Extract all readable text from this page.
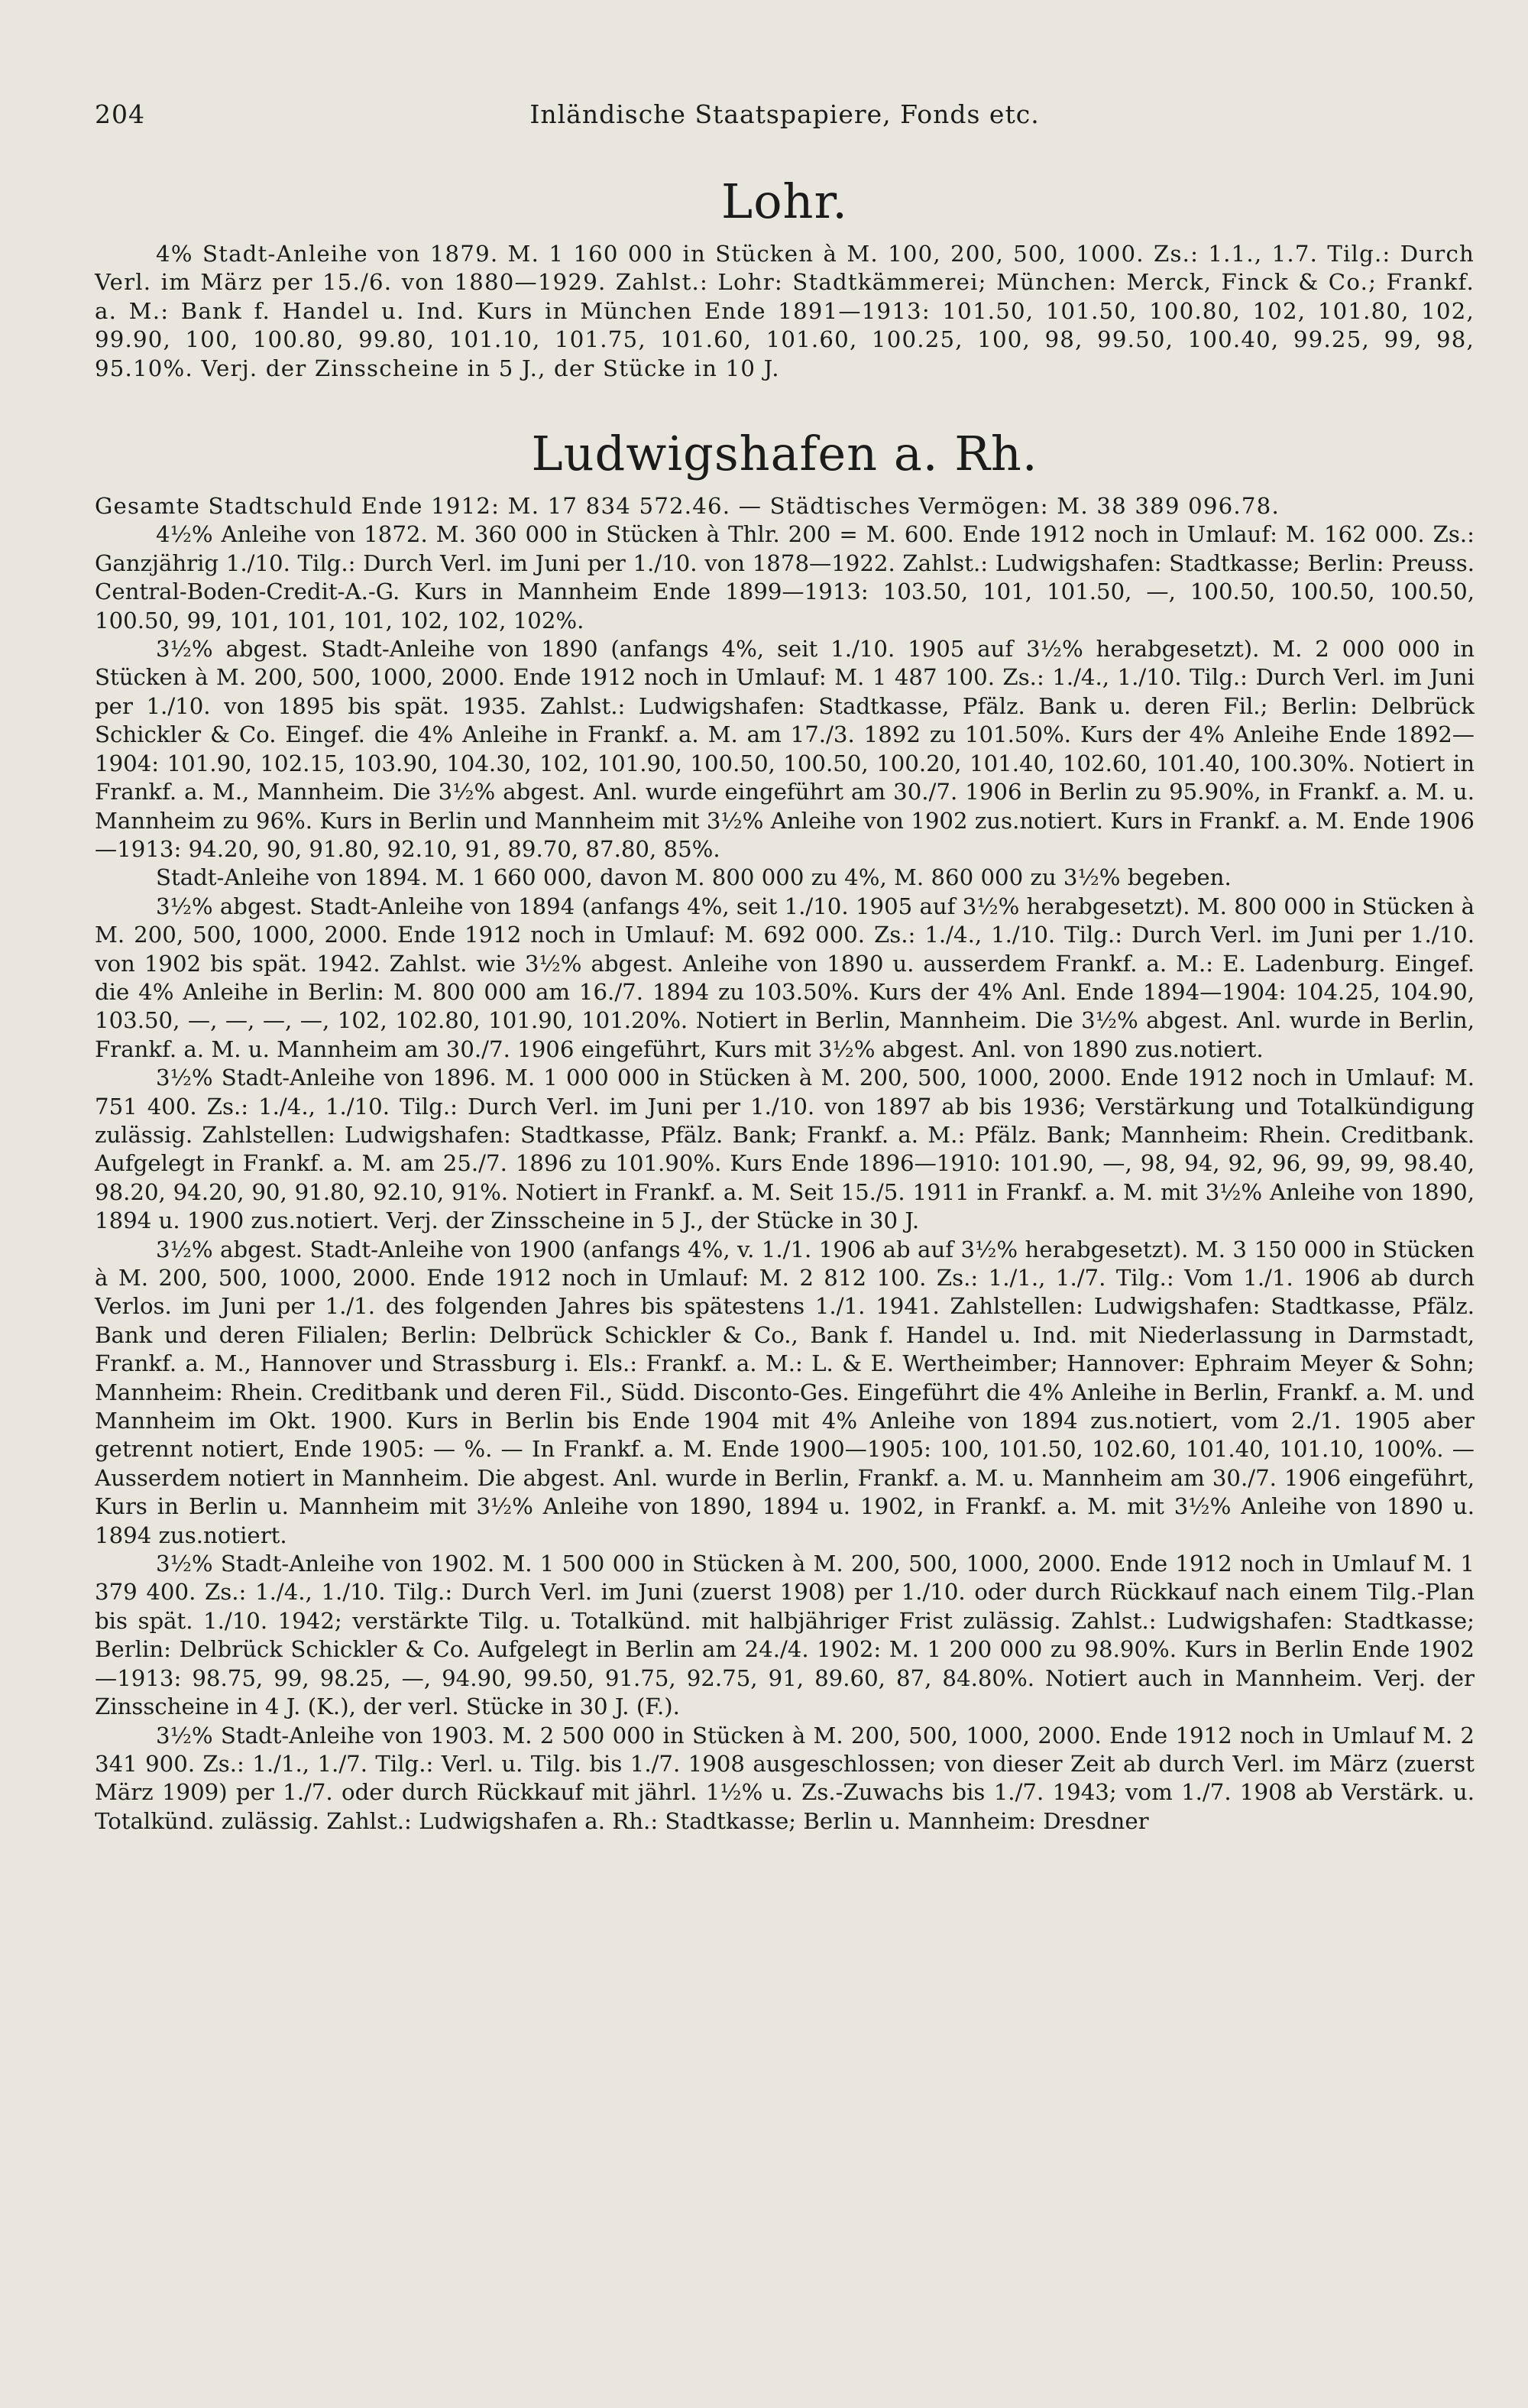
204	Inländische Staatspapiere, Fonds etc.
Lohr.

4% Stadt-Anleihe von 1879. M. 1 160 000 in Stücken à M. 100, 200, 500, 1000. Zs.: 1.1., 1.7. Tilg.: Durch Verl. im März per 15./6. von 1880—1929. Zahlst.: Lohr: Stadtkämmerei; München: Merck, Finck & Co.; Frankf. a. M.: Bank f. Handel u. Ind. Kurs in München Ende 1891—1913: 101.50, 101.50, 100.80, 102, 101.80, 102, 99.90, 100, 100.80, 99.80, 101.10, 101.75, 101.60, 101.60, 100.25, 100, 98, 99.50, 100.40, 99.25, 99, 98, 95.10%. Verj. der Zinsscheine in 5 J., der Stücke in 10 J.

Ludwigshafen a. Rh.

Gesamte Stadtschuld Ende 1912: M. 17 834 572.46. — Städtisches Vermögen: M. 38 389 096.78.

4½% Anleihe von 1872. M. 360 000 in Stücken à Thlr. 200 = M. 600. Ende 1912 noch in Umlauf: M. 162 000. Zs.: Ganzjährig 1./10. Tilg.: Durch Verl. im Juni per 1./10. von 1878—1922. Zahlst.: Ludwigshafen: Stadtkasse; Berlin: Preuss. Central-Boden-Credit-A.-G. Kurs in Mannheim Ende 1899—1913: 103.50, 101, 101.50, —, 100.50, 100.50, 100.50, 100.50, 99, 101, 101, 101, 102, 102, 102%.

3½% abgest. Stadt-Anleihe von 1890 (anfangs 4%, seit 1./10. 1905 auf 3½% herabgesetzt). M. 2 000 000 in Stücken à M. 200, 500, 1000, 2000. Ende 1912 noch in Umlauf: M. 1 487 100. Zs.: 1./4., 1./10. Tilg.: Durch Verl. im Juni per 1./10. von 1895 bis spät. 1935. Zahlst.: Ludwigshafen: Stadtkasse, Pfälz. Bank u. deren Fil.; Berlin: Delbrück Schickler & Co. Eingef. die 4% Anleihe in Frankf. a. M. am 17./3. 1892 zu 101.50%. Kurs der 4% Anleihe Ende 1892—1904: 101.90, 102.15, 103.90, 104.30, 102, 101.90, 100.50, 100.50, 100.20, 101.40, 102.60, 101.40, 100.30%. Notiert in Frankf. a. M., Mannheim. Die 3½% abgest. Anl. wurde eingeführt am 30./7. 1906 in Berlin zu 95.90%, in Frankf. a. M. u. Mannheim zu 96%. Kurs in Berlin und Mannheim mit 3½% Anleihe von 1902 zus.notiert. Kurs in Frankf. a. M. Ende 1906—1913: 94.20, 90, 91.80, 92.10, 91, 89.70, 87.80, 85%.

Stadt-Anleihe von 1894. M. 1 660 000, davon M. 800 000 zu 4%, M. 860 000 zu 3½% begeben.

3½% abgest. Stadt-Anleihe von 1894 (anfangs 4%, seit 1./10. 1905 auf 3½% herabgesetzt). M. 800 000 in Stücken à M. 200, 500, 1000, 2000. Ende 1912 noch in Umlauf: M. 692 000. Zs.: 1./4., 1./10. Tilg.: Durch Verl. im Juni per 1./10. von 1902 bis spät. 1942. Zahlst. wie 3½% abgest. Anleihe von 1890 u. ausserdem Frankf. a. M.: E. Ladenburg. Eingef. die 4% Anleihe in Berlin: M. 800 000 am 16./7. 1894 zu 103.50%. Kurs der 4% Anl. Ende 1894—1904: 104.25, 104.90, 103.50, —, —, —, —, 102, 102.80, 101.90, 101.20%. Notiert in Berlin, Mannheim. Die 3½% abgest. Anl. wurde in Berlin, Frankf. a. M. u. Mannheim am 30./7. 1906 eingeführt, Kurs mit 3½% abgest. Anl. von 1890 zus.notiert.

3½% Stadt-Anleihe von 1896. M. 1 000 000 in Stücken à M. 200, 500, 1000, 2000. Ende 1912 noch in Umlauf: M. 751 400. Zs.: 1./4., 1./10. Tilg.: Durch Verl. im Juni per 1./10. von 1897 ab bis 1936; Verstärkung und Totalkündigung zulässig. Zahlstellen: Ludwigshafen: Stadtkasse, Pfälz. Bank; Frankf. a. M.: Pfälz. Bank; Mannheim: Rhein. Creditbank. Aufgelegt in Frankf. a. M. am 25./7. 1896 zu 101.90%. Kurs Ende 1896—1910: 101.90, —, 98, 94, 92, 96, 99, 99, 98.40, 98.20, 94.20, 90, 91.80, 92.10, 91%. Notiert in Frankf. a. M. Seit 15./5. 1911 in Frankf. a. M. mit 3½% Anleihe von 1890, 1894 u. 1900 zus.notiert. Verj. der Zinsscheine in 5 J., der Stücke in 30 J.

3½% abgest. Stadt-Anleihe von 1900 (anfangs 4%, v. 1./1. 1906 ab auf 3½% herabgesetzt). M. 3 150 000 in Stücken à M. 200, 500, 1000, 2000. Ende 1912 noch in Umlauf: M. 2 812 100. Zs.: 1./1., 1./7. Tilg.: Vom 1./1. 1906 ab durch Verlos. im Juni per 1./1. des folgenden Jahres bis spätestens 1./1. 1941. Zahlstellen: Ludwigshafen: Stadtkasse, Pfälz. Bank und deren Filialen; Berlin: Delbrück Schickler & Co., Bank f. Handel u. Ind. mit Niederlassung in Darmstadt, Frankf. a. M., Hannover und Strassburg i. Els.: Frankf. a. M.: L. & E. Wertheimber; Hannover: Ephraim Meyer & Sohn; Mannheim: Rhein. Creditbank und deren Fil., Südd. Disconto-Ges. Eingeführt die 4% Anleihe in Berlin, Frankf. a. M. und Mannheim im Okt. 1900. Kurs in Berlin bis Ende 1904 mit 4% Anleihe von 1894 zus.notiert, vom 2./1. 1905 aber getrennt notiert, Ende 1905: — %. — In Frankf. a. M. Ende 1900—1905: 100, 101.50, 102.60, 101.40, 101.10, 100%. — Ausserdem notiert in Mannheim. Die abgest. Anl. wurde in Berlin, Frankf. a. M. u. Mannheim am 30./7. 1906 eingeführt, Kurs in Berlin u. Mannheim mit 3½% Anleihe von 1890, 1894 u. 1902, in Frankf. a. M. mit 3½% Anleihe von 1890 u. 1894 zus.notiert.

3½% Stadt-Anleihe von 1902. M. 1 500 000 in Stücken à M. 200, 500, 1000, 2000. Ende 1912 noch in Umlauf M. 1 379 400. Zs.: 1./4., 1./10. Tilg.: Durch Verl. im Juni (zuerst 1908) per 1./10. oder durch Rückkauf nach einem Tilg.-Plan bis spät. 1./10. 1942; verstärkte Tilg. u. Totalkünd. mit halbjähriger Frist zulässig. Zahlst.: Ludwigshafen: Stadtkasse; Berlin: Delbrück Schickler & Co. Aufgelegt in Berlin am 24./4. 1902: M. 1 200 000 zu 98.90%. Kurs in Berlin Ende 1902—1913: 98.75, 99, 98.25, —, 94.90, 99.50, 91.75, 92.75, 91, 89.60, 87, 84.80%. Notiert auch in Mannheim. Verj. der Zinsscheine in 4 J. (K.), der verl. Stücke in 30 J. (F.).

3½% Stadt-Anleihe von 1903. M. 2 500 000 in Stücken à M. 200, 500, 1000, 2000. Ende 1912 noch in Umlauf M. 2 341 900. Zs.: 1./1., 1./7. Tilg.: Verl. u. Tilg. bis 1./7. 1908 ausgeschlossen; von dieser Zeit ab durch Verl. im März (zuerst März 1909) per 1./7. oder durch Rückkauf mit jährl. 1½% u. Zs.-Zuwachs bis 1./7. 1943; vom 1./7. 1908 ab Verstärk. u. Totalkünd. zulässig. Zahlst.: Ludwigshafen a. Rh.: Stadtkasse; Berlin u. Mannheim: Dresdner
